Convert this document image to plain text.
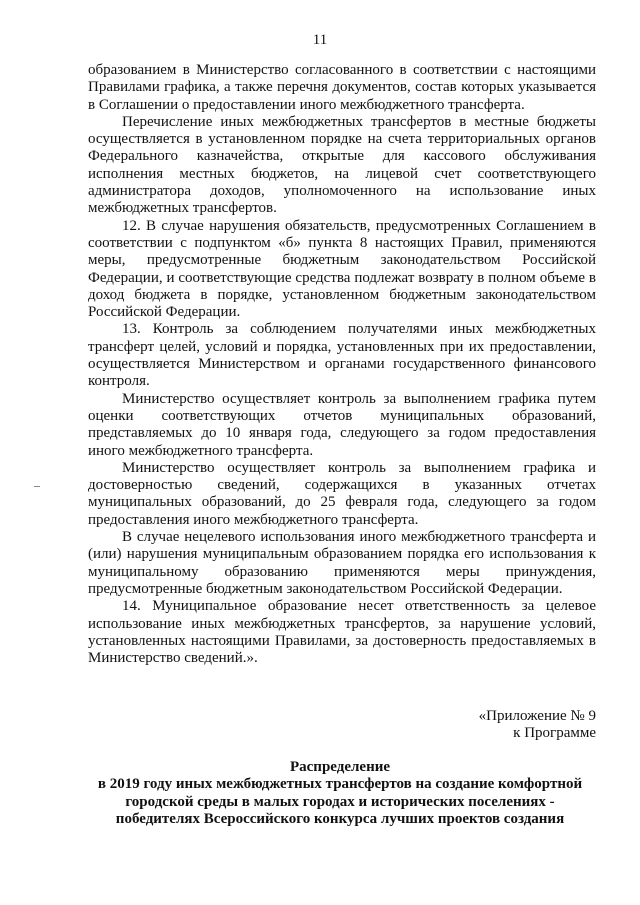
11

образованием в Министерство согласованного в соответствии с настоящими Правилами графика, а также перечня документов, состав которых указывается в Соглашении о предоставлении иного межбюджетного трансферта.

Перечисление иных межбюджетных трансфертов в местные бюджеты осуществляется в установленном порядке на счета территориальных органов Федерального казначейства, открытые для кассового обслуживания исполнения местных бюджетов, на лицевой счет соответствующего администратора доходов, уполномоченного на использование иных межбюджетных трансфертов.

12. В случае нарушения обязательств, предусмотренных Соглашением в соответствии с подпунктом «б» пункта 8 настоящих Правил, применяются меры, предусмотренные бюджетным законодательством Российской Федерации, и соответствующие средства подлежат возврату в полном объеме в доход бюджета в порядке, установленном бюджетным законодательством Российской Федерации.

13. Контроль за соблюдением получателями иных межбюджетных трансферт целей, условий и порядка, установленных при их предоставлении, осуществляется Министерством и органами государственного финансового контроля.

Министерство осуществляет контроль за выполнением графика путем оценки соответствующих отчетов муниципальных образований, представляемых до 10 января года, следующего за годом предоставления иного межбюджетного трансферта.

Министерство осуществляет контроль за выполнением графика и достоверностью сведений, содержащихся в указанных отчетах муниципальных образований, до 25 февраля года, следующего за годом предоставления иного межбюджетного трансферта.

В случае нецелевого использования иного межбюджетного трансферта и (или) нарушения муниципальным образованием порядка его использования к муниципальному образованию применяются меры принуждения, предусмотренные бюджетным законодательством Российской Федерации.

14. Муниципальное образование несет ответственность за целевое использование иных межбюджетных трансфертов, за нарушение условий, установленных настоящими Правилами, за достоверность предоставляемых в Министерство сведений.».

«Приложение № 9
к Программе
Распределение
в 2019 году иных межбюджетных трансфертов на создание комфортной
городской среды в малых городах и исторических поселениях -
победителях Всероссийского конкурса лучших проектов создания
